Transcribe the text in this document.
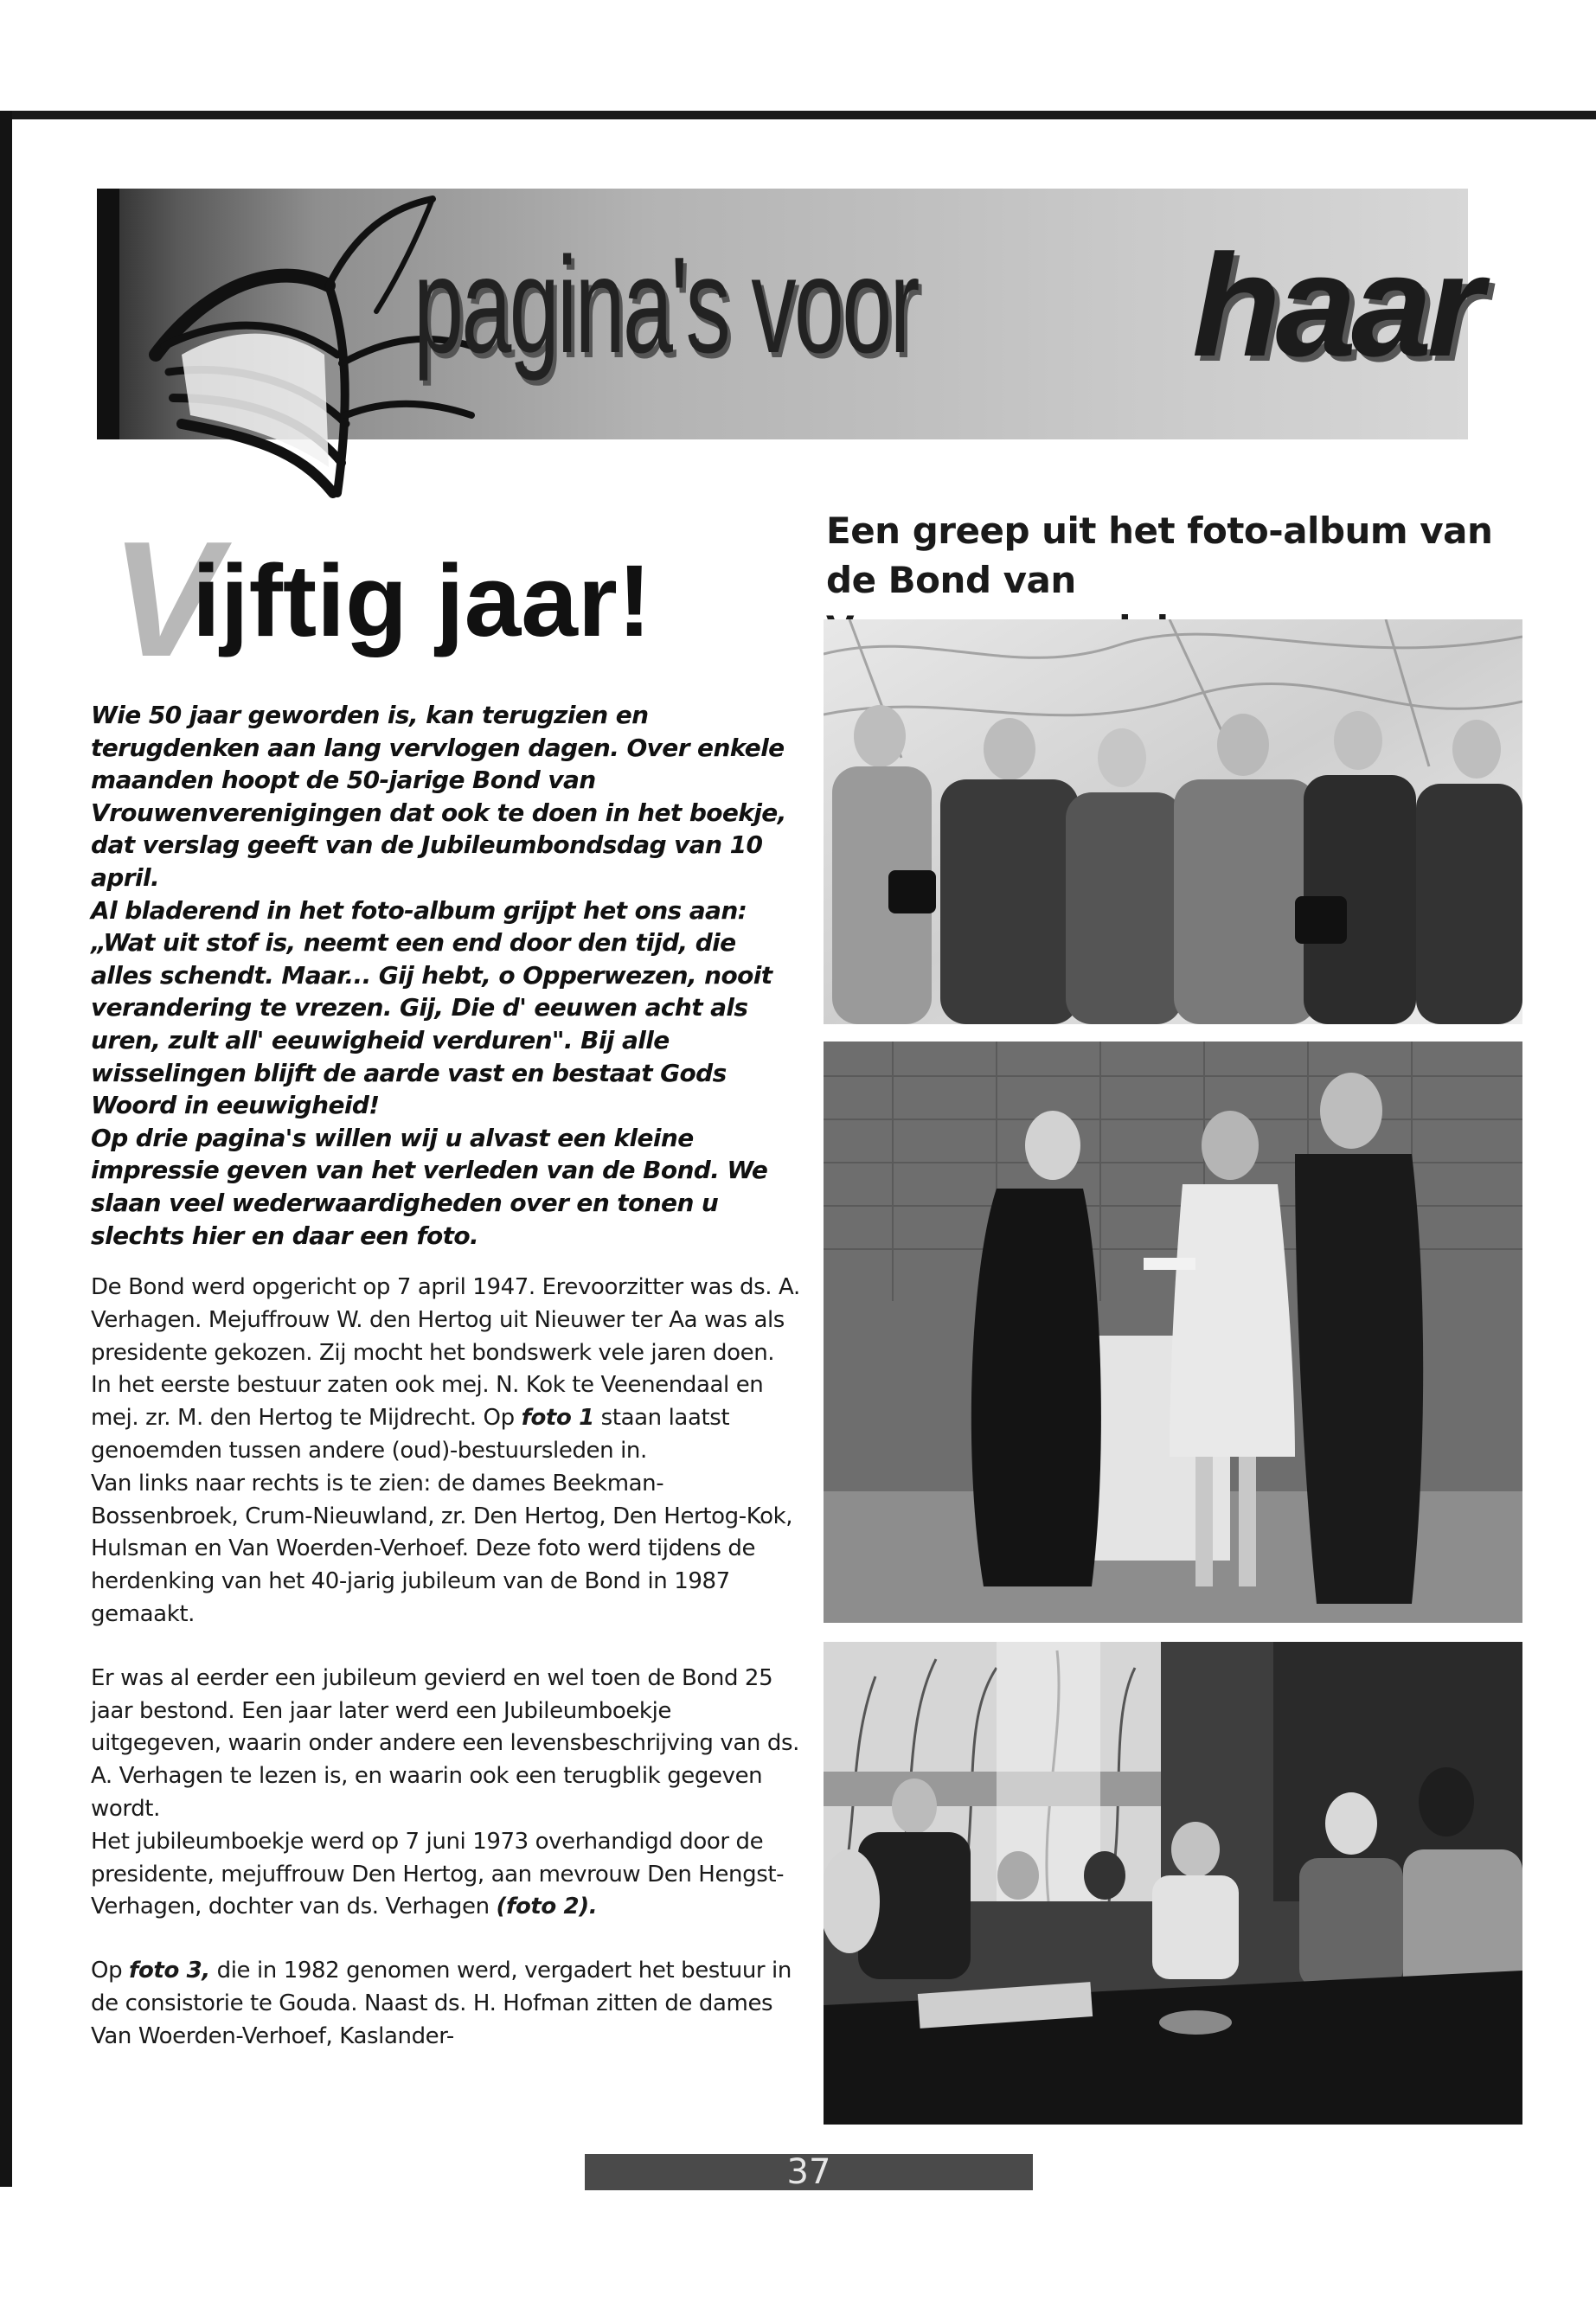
pagina's voor haar
V
ijftig jaar!

Wie 50 jaar geworden is, kan terugzien en terugdenken aan lang vervlogen dagen. Over enkele maanden hoopt de 50-jarige Bond van Vrouwenverenigingen dat ook te doen in het boekje, dat verslag geeft van de Jubileumbondsdag van 10 april.

Al bladerend in het foto-album grijpt het ons aan: „Wat uit stof is, neemt een end door den tijd, die alles schendt. Maar... Gij hebt, o Opperwezen, nooit verandering te vrezen. Gij, Die d' eeuwen acht als uren, zult all' eeuwigheid verduren". Bij alle wisselingen blijft de aarde vast en bestaat Gods Woord in eeuwigheid!

Op drie pagina's willen wij u alvast een kleine impressie geven van het verleden van de Bond. We slaan veel wederwaardigheden over en tonen u slechts hier en daar een foto.

De Bond werd opgericht op 7 april 1947. Erevoorzitter was ds. A. Verhagen. Mejuffrouw W. den Hertog uit Nieuwer ter Aa was als presidente gekozen. Zij mocht het bondswerk vele jaren doen. In het eerste bestuur zaten ook mej. N. Kok te Veenendaal en mej. zr. M. den Hertog te Mijdrecht. Op foto 1 staan laatst genoemden tussen andere (oud)-bestuursleden in.

Van links naar rechts is te zien: de dames Beekman-Bossenbroek, Crum-Nieuwland, zr. Den Hertog, Den Hertog-Kok, Hulsman en Van Woerden-Verhoef. Deze foto werd tijdens de herdenking van het 40-jarig jubileum van de Bond in 1987 gemaakt.

Er was al eerder een jubileum gevierd en wel toen de Bond 25 jaar bestond. Een jaar later werd een Jubileumboekje uitgegeven, waarin onder andere een levensbeschrijving van ds. A. Verhagen te lezen is, en waarin ook een terugblik gegeven wordt.

Het jubileumboekje werd op 7 juni 1973 overhandigd door de presidente, mejuffrouw Den Hertog, aan mevrouw Den Hengst-Verhagen, dochter van ds. Verhagen (foto 2).

Op foto 3, die in 1982 genomen werd, vergadert het bestuur in de consistorie te Gouda. Naast ds. H. Hofman zitten de dames Van Woerden-Verhoef, Kaslander-

Een greep uit het foto-album van de Bond van
37
